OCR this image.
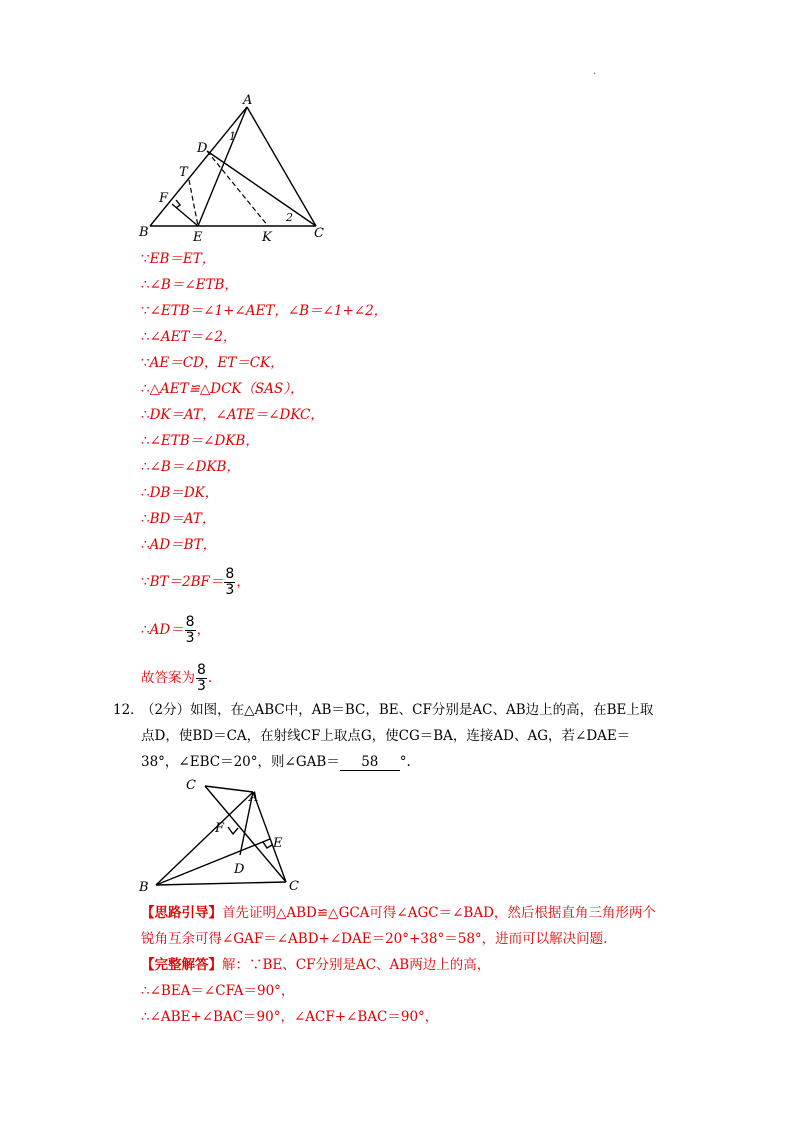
.
A
D
T
F
B	E	K	C
1
2
∵EB＝ET，
∴∠B＝∠ETB，
∵∠ETB＝∠1+∠AET，∠B＝∠1+∠2，
∴∠AET＝∠2，
∵AE＝CD，ET＝CK，
∴△AET≌△DCK（SAS），
∴DK＝AT，∠ATE＝∠DKC，
∴∠ETB＝∠DKB，
∴∠B＝∠DKB，
∴DB＝DK，
∴BD＝AT，
∴AD＝BT，
∵BT＝2BF＝ $\frac{8}{3}$ ，
∴AD＝ $\frac{8}{3}$ ，
故答案为 $\frac{8}{3}$ .
12．
（2分）如图，在△ABC中，AB＝BC，BE、CF分别是AC、AB边上的高，在BE上取
点D，使BD＝CA，在射线CF上取点G，使CG＝BA，连接AD、AG，若∠DAE＝
38°，∠EBC＝20°，则∠GAB＝ 58 °.
C
A
F
E
D
B	C
【思路引导】首先证明△ABD≌△GCA可得∠AGC＝∠BAD，然后根据直角三角形两个
锐角互余可得∠GAF＝∠ABD+∠DAE＝20°+38°＝58°，进而可以解决问题.
【完整解答】解：∵BE、CF分别是AC、AB两边上的高，
∴∠BEA＝∠CFA＝90°，
∴∠ABE+∠BAC＝90°，∠ACF+∠BAC＝90°，
